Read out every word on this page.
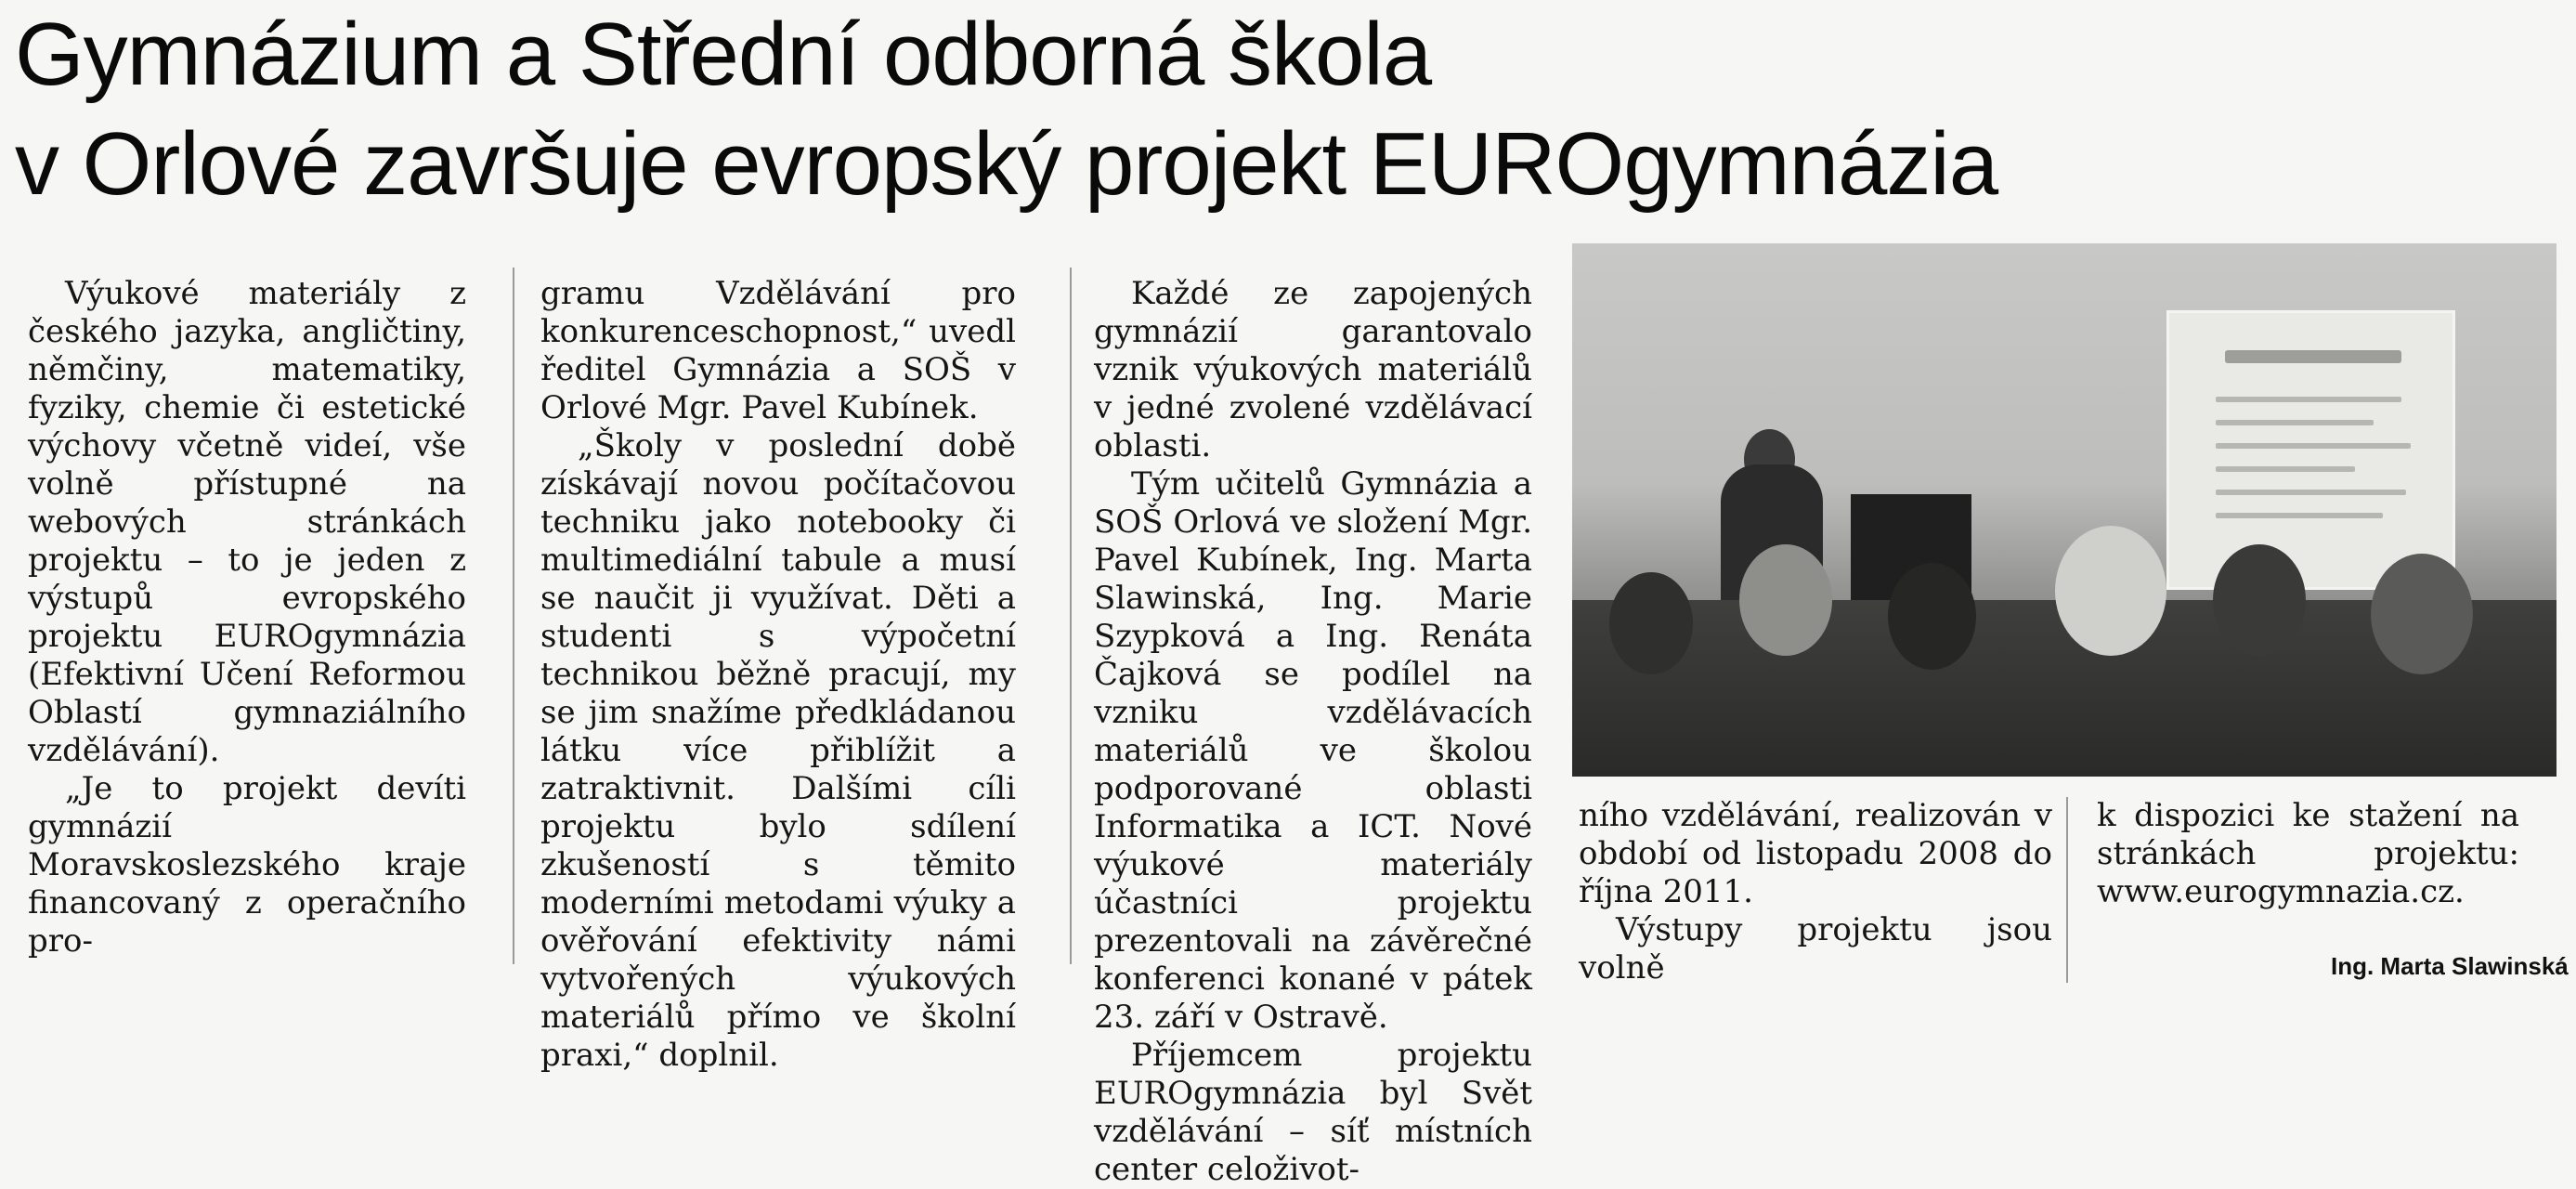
Gymnázium a Střední odborná škola
v Orlové završuje evropský projekt EUROgymnázia

Výukové materiály z českého jazyka, angličtiny, němčiny, matematiky, fyziky, chemie či estetické výchovy včetně videí, vše volně přístupné na webových stránkách projektu – to je jeden z výstupů evropského projektu EUROgymnázia (Efektivní Učení Reformou Oblastí gymnaziálního vzdělávání).

„Je to projekt devíti gymnázií Moravskoslezského kraje financovaný z operačního pro-

gramu Vzdělávání pro konkurenceschopnost,“ uvedl ředitel Gymnázia a SOŠ v Orlové Mgr. Pavel Kubínek.

„Školy v poslední době získávají novou počítačovou techniku jako notebooky či multimediální tabule a musí se naučit ji využívat. Děti a studenti s výpočetní technikou běžně pracují, my se jim snažíme předkládanou látku více přiblížit a zatraktivnit. Dalšími cíli projektu bylo sdílení zkušeností s těmito moderními metodami výuky a ověřování efektivity námi vytvořených výukových materiálů přímo ve školní praxi,“ doplnil.

Každé ze zapojených gymnázií garantovalo vznik výukových materiálů v jedné zvolené vzdělávací oblasti.

Tým učitelů Gymnázia a SOŠ Orlová ve složení Mgr. Pavel Kubínek, Ing. Marta Slawinská, Ing. Marie Szypková a Ing. Renáta Čajková se podílel na vzniku vzdělávacích materiálů ve školou podporované oblasti Informatika a ICT. Nové výukové materiály účastníci projektu prezentovali na závěrečné konferenci konané v pátek 23. září v Ostravě.

Příjemcem projektu EUROgymnázia byl Svět vzdělávání – síť místních center celoživot-

ního vzdělávání, realizován v období od listopadu 2008 do října 2011.

Výstupy projektu jsou volně

k dispozici ke stažení na stránkách projektu: www.eurogymnazia.cz.

Ing. Marta Slawinská
